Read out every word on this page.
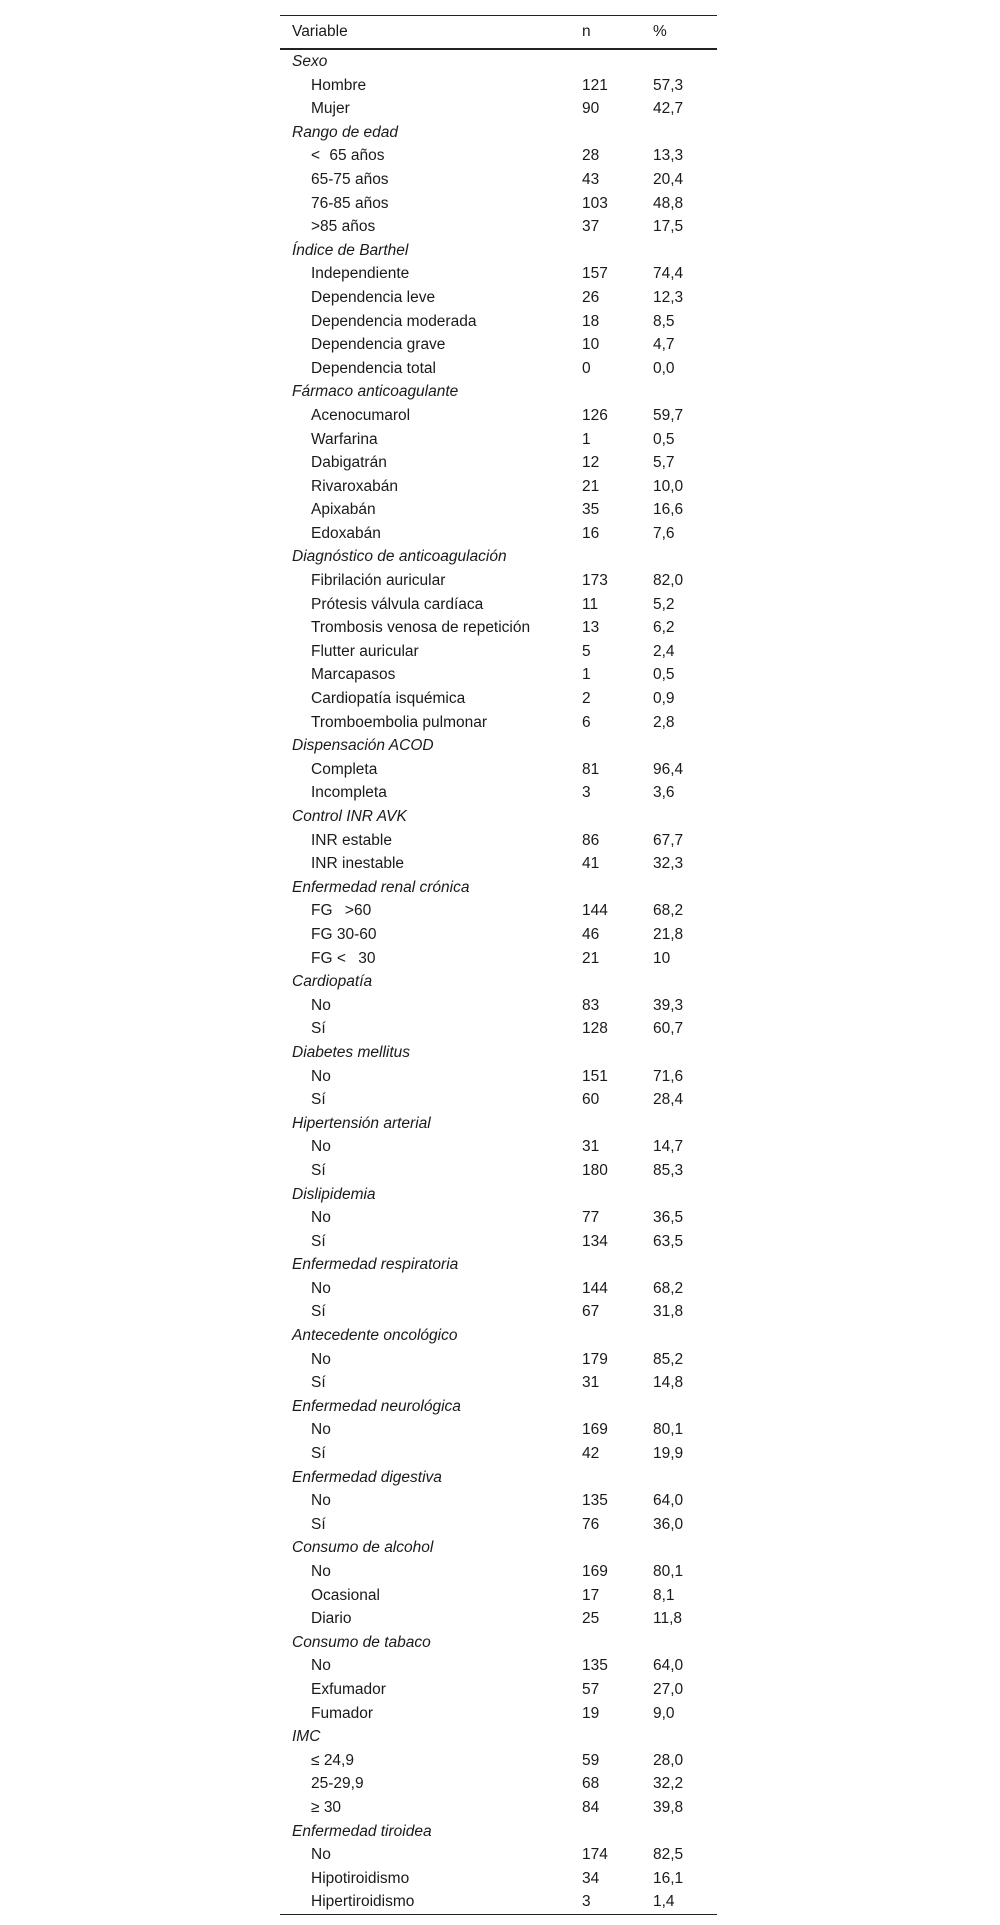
Variable	n	%
Sexo
Hombre	121	57,3
Mujer	90	42,7
Rango de edad
<   65 años	28	13,3
65-75 años	43	20,4
76-85 años	103	48,8
>85 años	37	17,5
Índice de Barthel
Independiente	157	74,4
Dependencia leve	26	12,3
Dependencia moderada	18	8,5
Dependencia grave	10	4,7
Dependencia total	0	0,0
Fármaco anticoagulante
Acenocumarol	126	59,7
Warfarina	1	0,5
Dabigatrán	12	5,7
Rivaroxabán	21	10,0
Apixabán	35	16,6
Edoxabán	16	7,6
Diagnóstico de anticoagulación
Fibrilación auricular	173	82,0
Prótesis válvula cardíaca	11	5,2
Trombosis venosa de repetición	13	6,2
Flutter auricular	5	2,4
Marcapasos	1	0,5
Cardiopatía isquémica	2	0,9
Tromboembolia pulmonar	6	2,8
Dispensación ACOD
Completa	81	96,4
Incompleta	3	3,6
Control INR AVK
INR estable	86	67,7
INR inestable	41	32,3
Enfermedad renal crónica
FG    >60	144	68,2
FG 30-60	46	21,8
FG <    30	21	10
Cardiopatía
No	83	39,3
Sí	128	60,7
Diabetes mellitus
No	151	71,6
Sí	60	28,4
Hipertensión arterial
No	31	14,7
Sí	180	85,3
Dislipidemia
No	77	36,5
Sí	134	63,5
Enfermedad respiratoria
No	144	68,2
Sí	67	31,8
Antecedente oncológico
No	179	85,2
Sí	31	14,8
Enfermedad neurológica
No	169	80,1
Sí	42	19,9
Enfermedad digestiva
No	135	64,0
Sí	76	36,0
Consumo de alcohol
No	169	80,1
Ocasional	17	8,1
Diario	25	11,8
Consumo de tabaco
No	135	64,0
Exfumador	57	27,0
Fumador	19	9,0
IMC
≤ 24,9	59	28,0
25-29,9	68	32,2
≥ 30	84	39,8
Enfermedad tiroidea
No	174	82,5
Hipotiroidismo	34	16,1
Hipertiroidismo	3	1,4
